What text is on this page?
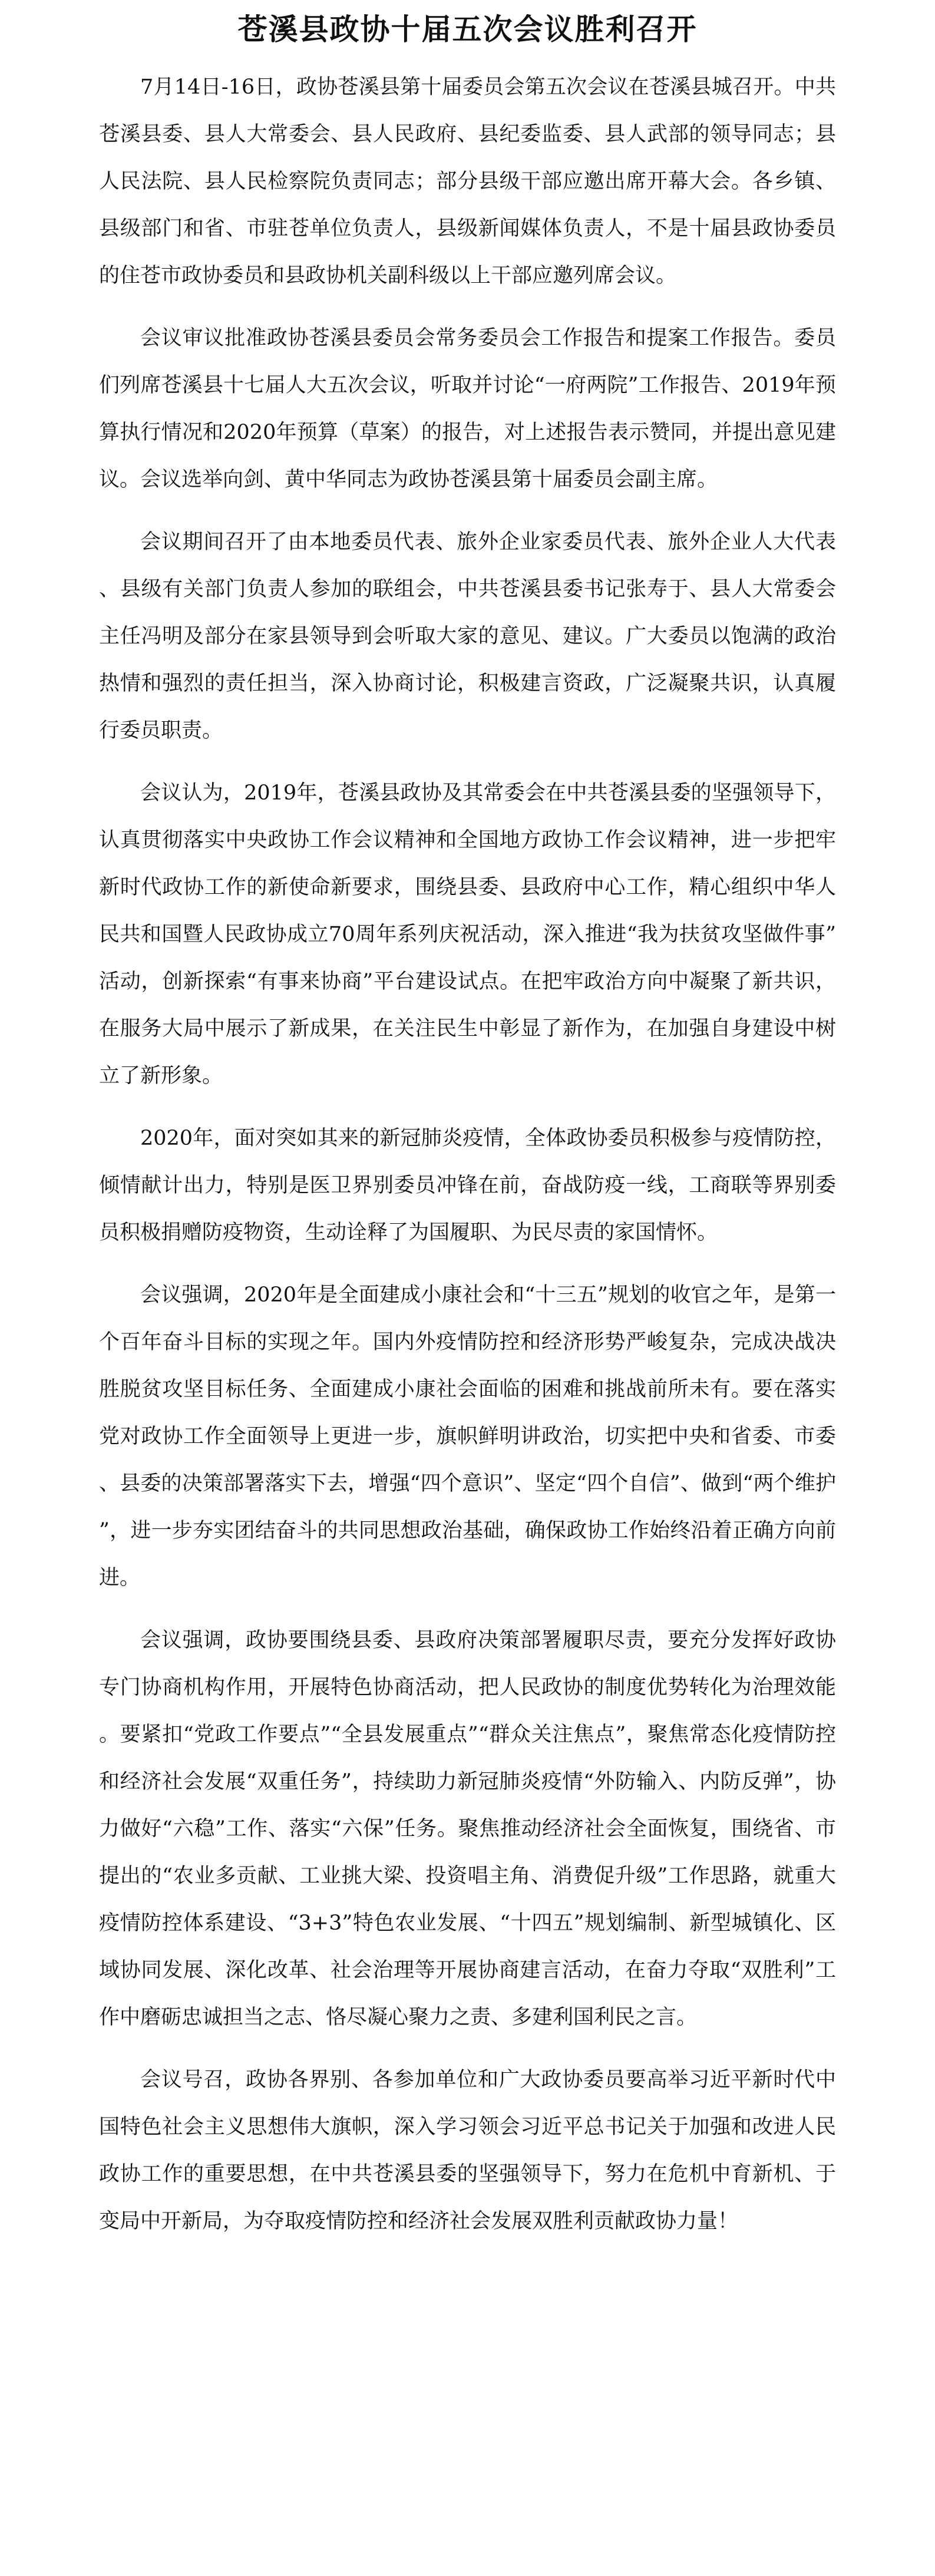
苍溪县政协十届五次会议胜利召开

7月14日-16日，政协苍溪县第十届委员会第五次会议在苍溪县城召开。中共苍溪县委、县人大常委会、县人民政府、县纪委监委、县人武部的领导同志；县人民法院、县人民检察院负责同志；部分县级干部应邀出席开幕大会。各乡镇、县级部门和省、市驻苍单位负责人，县级新闻媒体负责人，不是十届县政协委员的住苍市政协委员和县政协机关副科级以上干部应邀列席会议。

会议审议批准政协苍溪县委员会常务委员会工作报告和提案工作报告。委员们列席苍溪县十七届人大五次会议，听取并讨论“一府两院”工作报告、2019年预算执行情况和2020年预算（草案）的报告，对上述报告表示赞同，并提出意见建议。会议选举向剑、黄中华同志为政协苍溪县第十届委员会副主席。

会议期间召开了由本地委员代表、旅外企业家委员代表、旅外企业人大代表、县级有关部门负责人参加的联组会，中共苍溪县委书记张寿于、县人大常委会主任冯明及部分在家县领导到会听取大家的意见、建议。广大委员以饱满的政治热情和强烈的责任担当，深入协商讨论，积极建言资政，广泛凝聚共识，认真履行委员职责。

会议认为，2019年，苍溪县政协及其常委会在中共苍溪县委的坚强领导下，认真贯彻落实中央政协工作会议精神和全国地方政协工作会议精神，进一步把牢新时代政协工作的新使命新要求，围绕县委、县政府中心工作，精心组织中华人民共和国暨人民政协成立70周年系列庆祝活动，深入推进“我为扶贫攻坚做件事”活动，创新探索“有事来协商”平台建设试点。在把牢政治方向中凝聚了新共识，在服务大局中展示了新成果，在关注民生中彰显了新作为，在加强自身建设中树立了新形象。

2020年，面对突如其来的新冠肺炎疫情，全体政协委员积极参与疫情防控，倾情献计出力，特别是医卫界别委员冲锋在前，奋战防疫一线，工商联等界别委员积极捐赠防疫物资，生动诠释了为国履职、为民尽责的家国情怀。

会议强调，2020年是全面建成小康社会和“十三五”规划的收官之年，是第一个百年奋斗目标的实现之年。国内外疫情防控和经济形势严峻复杂，完成决战决胜脱贫攻坚目标任务、全面建成小康社会面临的困难和挑战前所未有。要在落实党对政协工作全面领导上更进一步，旗帜鲜明讲政治，切实把中央和省委、市委、县委的决策部署落实下去，增强“四个意识”、坚定“四个自信”、做到“两个维护”，进一步夯实团结奋斗的共同思想政治基础，确保政协工作始终沿着正确方向前进。

会议强调，政协要围绕县委、县政府决策部署履职尽责，要充分发挥好政协专门协商机构作用，开展特色协商活动，把人民政协的制度优势转化为治理效能。要紧扣“党政工作要点”“全县发展重点”“群众关注焦点”，聚焦常态化疫情防控和经济社会发展“双重任务”，持续助力新冠肺炎疫情“外防输入、内防反弹”，协力做好“六稳”工作、落实“六保”任务。聚焦推动经济社会全面恢复，围绕省、市提出的“农业多贡献、工业挑大梁、投资唱主角、消费促升级”工作思路，就重大疫情防控体系建设、“3+3”特色农业发展、“十四五”规划编制、新型城镇化、区域协同发展、深化改革、社会治理等开展协商建言活动，在奋力夺取“双胜利”工作中磨砺忠诚担当之志、恪尽凝心聚力之责、多建利国利民之言。

会议号召，政协各界别、各参加单位和广大政协委员要高举习近平新时代中国特色社会主义思想伟大旗帜，深入学习领会习近平总书记关于加强和改进人民政协工作的重要思想，在中共苍溪县委的坚强领导下，努力在危机中育新机、于变局中开新局，为夺取疫情防控和经济社会发展双胜利贡献政协力量！
